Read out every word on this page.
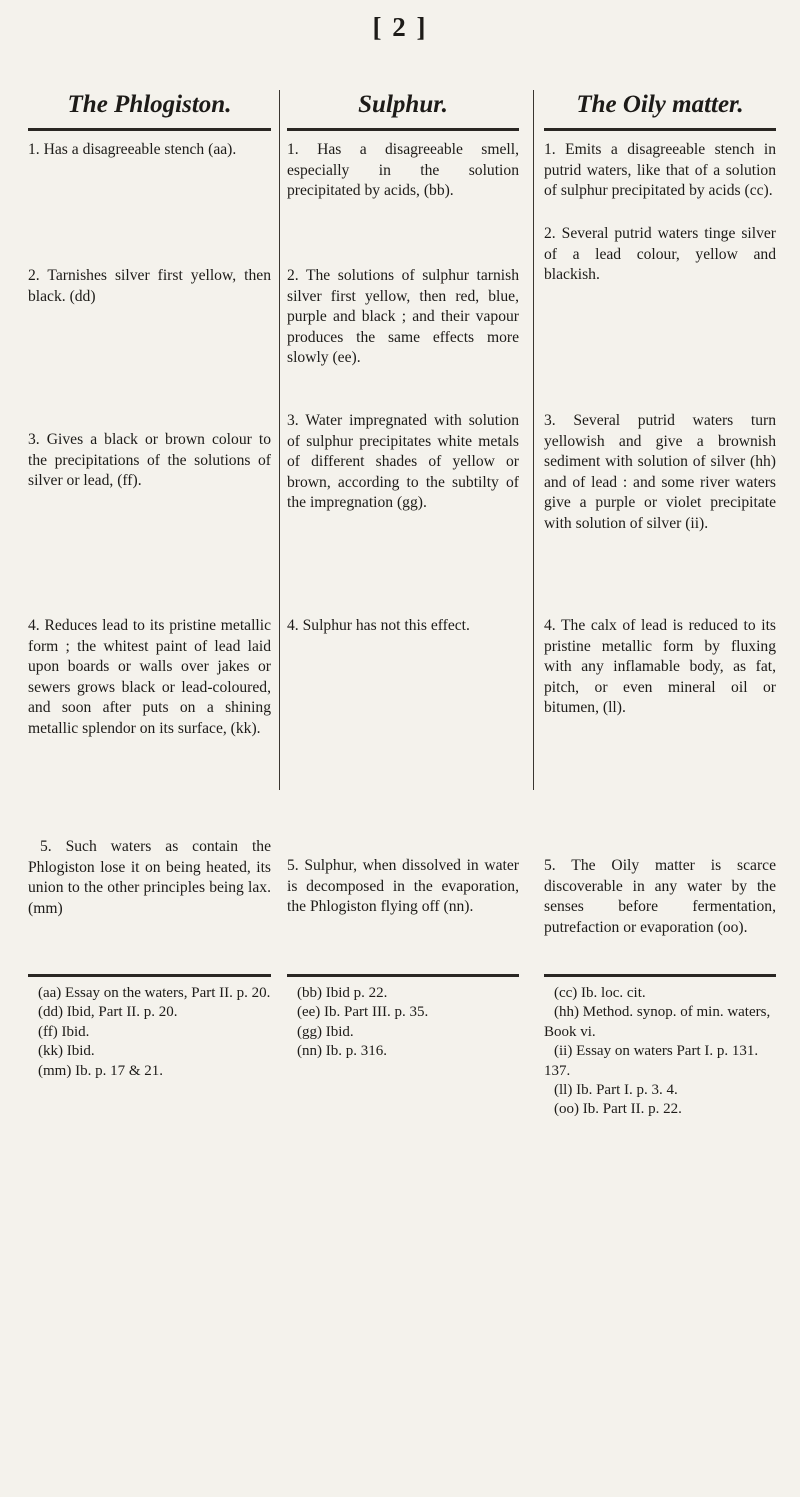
[ 2 ]
The Phlogiston.

1. Has a disagreeable stench (aa).

2. Tarnishes silver first yellow, then black. (dd)

3. Gives a black or brown colour to the precipitations of the solutions of silver or lead, (ff).

4. Reduces lead to its pristine metallic form ; the whitest paint of lead laid upon boards or walls over jakes or sewers grows black or lead-coloured, and soon after puts on a shining metallic splendor on its surface, (kk).

5. Such waters as contain the Phlogiston lose it on being heated, its union to the other principles being lax. (mm)

(aa) Essay on the waters, Part II. p. 20.
(dd) Ibid, Part II. p. 20.
(ff) Ibid.
(kk) Ibid.
(mm) Ib. p. 17 & 21.
Sulphur.

1. Has a disagreeable smell, especially in the solution precipitated by acids, (bb).

2. The solutions of sulphur tarnish silver first yellow, then red, blue, purple and black ; and their vapour produces the same effects more slowly (ee).

3. Water impregnated with solution of sulphur precipitates white metals of different shades of yellow or brown, according to the subtilty of the impregnation (gg).

4. Sulphur has not this effect.

5. Sulphur, when dissolved in water is decomposed in the evaporation, the Phlogiston flying off (nn).

(bb) Ibid p. 22.
(ee) Ib. Part III. p. 35.
(gg) Ibid.
(nn) Ib. p. 316.
The Oily matter.

1. Emits a disagreeable stench in putrid waters, like that of a solution of sulphur precipitated by acids (cc).

2. Several putrid waters tinge silver of a lead colour, yellow and blackish.

3. Several putrid waters turn yellowish and give a brownish sediment with solution of silver (hh) and of lead : and some river waters give a purple or violet precipitate with solution of silver (ii).

4. The calx of lead is reduced to its pristine metallic form by fluxing with any inflamable body, as fat, pitch, or even mineral oil or bitumen, (ll).

5. The Oily matter is scarce discoverable in any water by the senses before fermentation, putrefaction or evaporation (oo).

(cc) Ib. loc. cit.
(hh) Method. synop. of min. waters, Book vi.
(ii) Essay on waters Part I. p. 131. 137.
(ll) Ib. Part I. p. 3. 4.
(oo) Ib. Part II. p. 22.
